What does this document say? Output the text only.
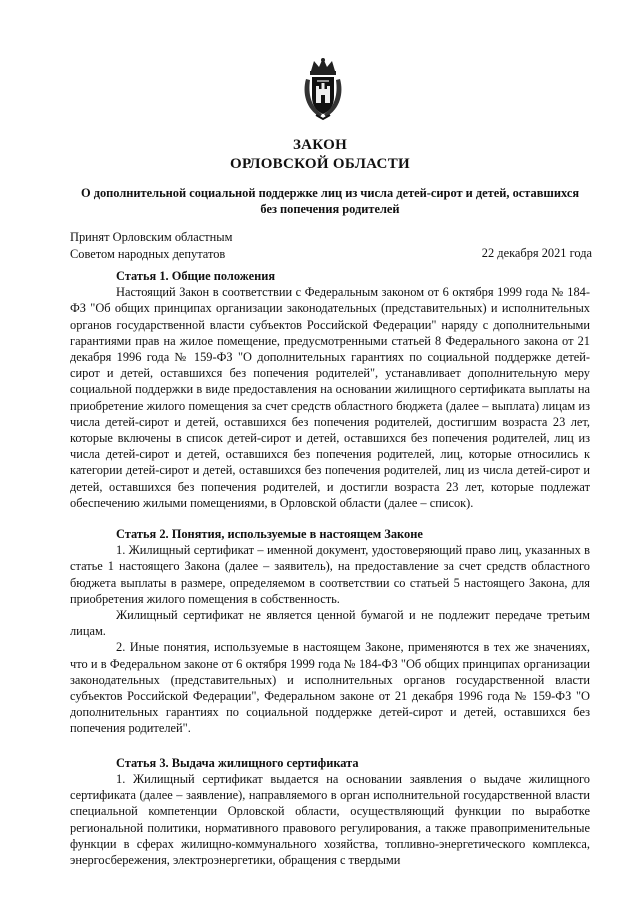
ЗАКОН
ОРЛОВСКОЙ ОБЛАСТИ
О дополнительной социальной поддержке лиц из числа детей-сирот и детей, оставшихся без попечения родителей
Принят Орловским областным
Советом народных депутатов	22 декабря 2021 года
Статья 1. Общие положения

Настоящий Закон в соответствии с Федеральным законом от 6 октября 1999 года № 184-ФЗ "Об общих принципах организации законодательных (представительных) и исполнительных органов государственной власти субъектов Российской Федерации" наряду с дополнительными гарантиями прав на жилое помещение, предусмотренными статьей 8 Федерального закона от 21 декабря 1996 года № 159-ФЗ "О дополнительных гарантиях по социальной поддержке детей-сирот и детей, оставшихся без попечения родителей", устанавливает дополнительную меру социальной поддержки в виде предоставления на основании жилищного сертификата выплаты на приобретение жилого помещения за счет средств областного бюджета (далее – выплата) лицам из числа детей-сирот и детей, оставшихся без попечения родителей, достигшим возраста 23 лет, которые включены в список детей-сирот и детей, оставшихся без попечения родителей, лиц из числа детей-сирот и детей, оставшихся без попечения родителей, лиц, которые относились к категории детей-сирот и детей, оставшихся без попечения родителей, лиц из числа детей-сирот и детей, оставшихся без попечения родителей, и достигли возраста 23 лет, которые подлежат обеспечению жилыми помещениями, в Орловской области (далее – список).

Статья 2. Понятия, используемые в настоящем Законе

1. Жилищный сертификат – именной документ, удостоверяющий право лиц, указанных в статье 1 настоящего Закона (далее – заявитель), на предоставление за счет средств областного бюджета выплаты в размере, определяемом в соответствии со статьей 5 настоящего Закона, для приобретения жилого помещения в собственность.

Жилищный сертификат не является ценной бумагой и не подлежит передаче третьим лицам.

2. Иные понятия, используемые в настоящем Законе, применяются в тех же значениях, что и в Федеральном законе от 6 октября 1999 года № 184-ФЗ "Об общих принципах организации законодательных (представительных) и исполнительных органов государственной власти субъектов Российской Федерации", Федеральном законе от 21 декабря 1996 года № 159-ФЗ "О дополнительных гарантиях по социальной поддержке детей-сирот и детей, оставшихся без попечения родителей".

Статья 3. Выдача жилищного сертификата

1. Жилищный сертификат выдается на основании заявления о выдаче жилищного сертификата (далее – заявление), направляемого в орган исполнительной государственной власти специальной компетенции Орловской области, осуществляющий функции по выработке региональной политики, нормативного правового регулирования, а также правоприменительные функции в сферах жилищно-коммунального хозяйства, топливно-энергетического комплекса, энергосбережения, электроэнергетики, обращения с твердыми
